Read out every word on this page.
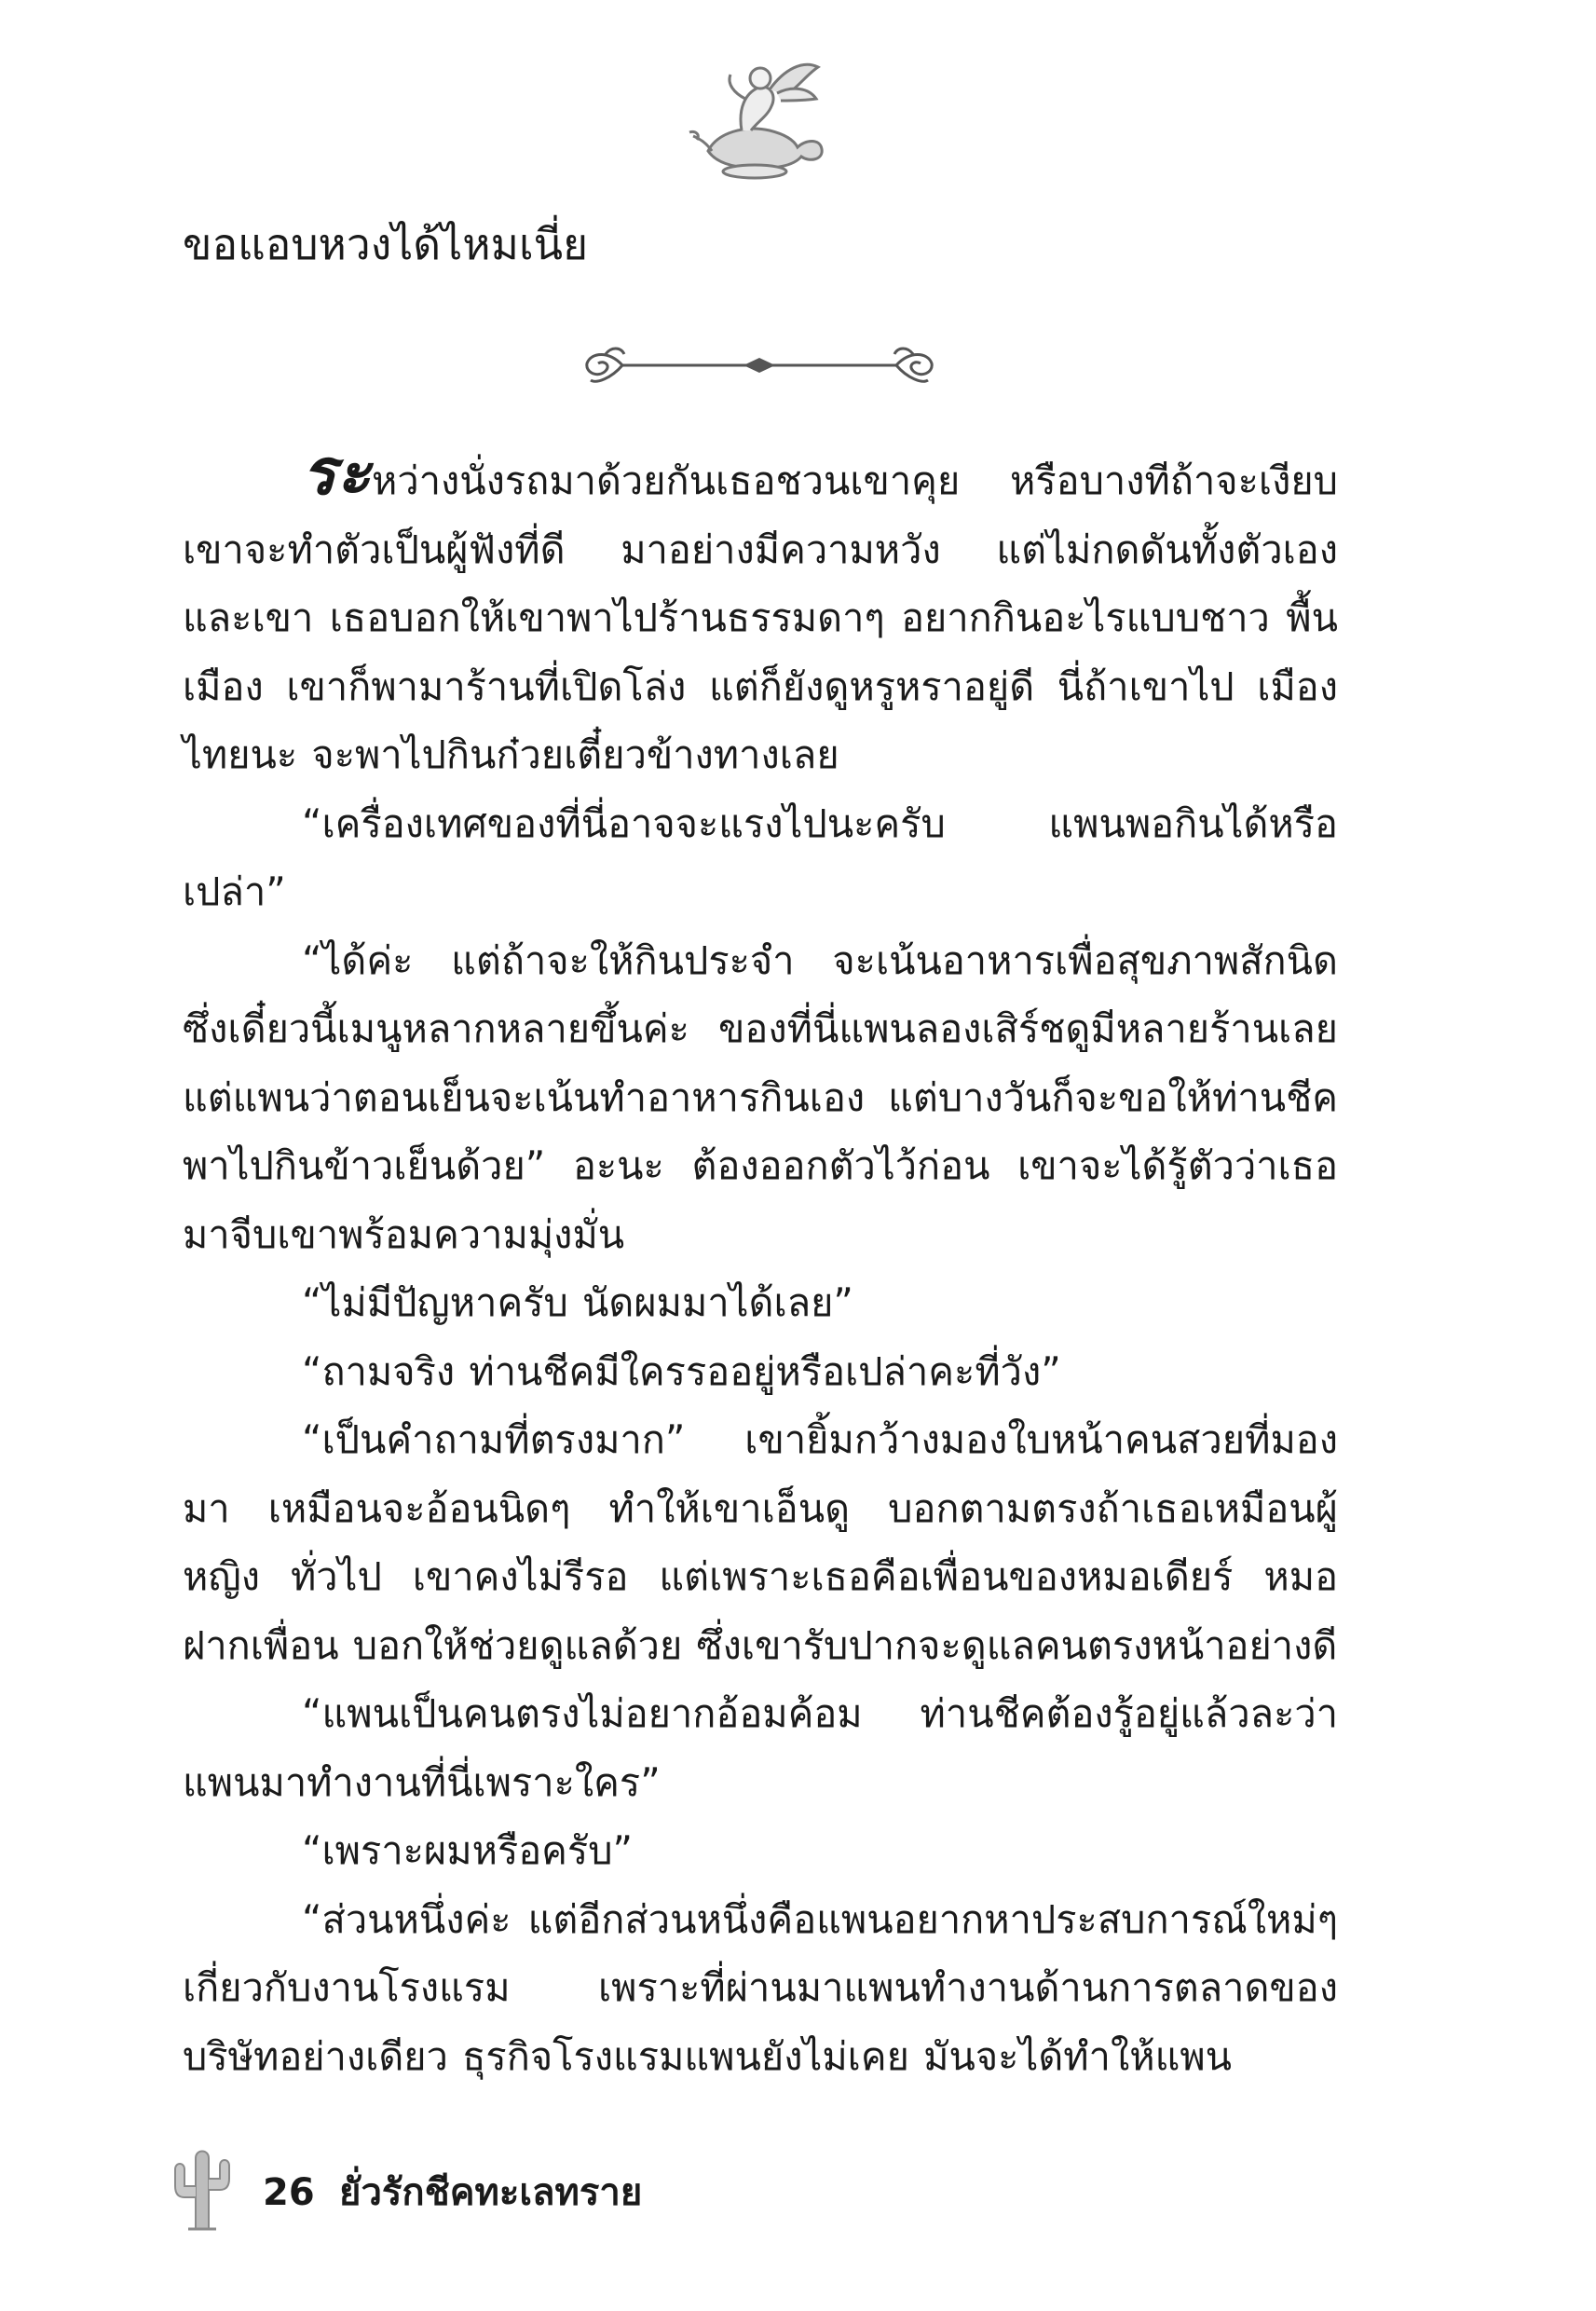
ขอแอบหวงได้ไหมเนี่ย

ระหว่างนั่งรถมาด้วยกันเธอชวนเขาคุย หรือบางทีถ้าจะเงียบ เขาจะทำตัวเป็นผู้ฟังที่ดี มาอย่างมีความหวัง แต่ไม่กดดันทั้งตัวเอง และเขา เธอบอกให้เขาพาไปร้านธรรมดาๆ อยากกินอะไรแบบชาว พื้นเมือง เขาก็พามาร้านที่เปิดโล่ง แต่ก็ยังดูหรูหราอยู่ดี นี่ถ้าเขาไป เมืองไทยนะ จะพาไปกินก๋วยเตี๋ยวข้างทางเลย

“เครื่องเทศของที่นี่อาจจะแรงไปนะครับ แพนพอกินได้หรือเปล่า”

“ได้ค่ะ แต่ถ้าจะให้กินประจำ จะเน้นอาหารเพื่อสุขภาพสักนิด ซึ่งเดี๋ยวนี้เมนูหลากหลายขึ้นค่ะ ของที่นี่แพนลองเสิร์ชดูมีหลายร้านเลย แต่แพนว่าตอนเย็นจะเน้นทำอาหารกินเอง แต่บางวันก็จะขอให้ท่านชีค พาไปกินข้าวเย็นด้วย” อะนะ ต้องออกตัวไว้ก่อน เขาจะได้รู้ตัวว่าเธอ มาจีบเขาพร้อมความมุ่งมั่น

“ไม่มีปัญหาครับ นัดผมมาได้เลย”

“ถามจริง ท่านชีคมีใครรออยู่หรือเปล่าคะที่วัง”

“เป็นคำถามที่ตรงมาก” เขายิ้มกว้างมองใบหน้าคนสวยที่มองมา เหมือนจะอ้อนนิดๆ ทำให้เขาเอ็นดู บอกตามตรงถ้าเธอเหมือนผู้หญิง ทั่วไป เขาคงไม่รีรอ แต่เพราะเธอคือเพื่อนของหมอเดียร์ หมอฝากเพื่อน บอกให้ช่วยดูแลด้วย ซึ่งเขารับปากจะดูแลคนตรงหน้าอย่างดี

“แพนเป็นคนตรงไม่อยากอ้อมค้อม ท่านชีคต้องรู้อยู่แล้วละว่า แพนมาทำงานที่นี่เพราะใคร”

“เพราะผมหรือครับ”

“ส่วนหนึ่งค่ะ แต่อีกส่วนหนึ่งคือแพนอยากหาประสบการณ์ใหม่ๆ เกี่ยวกับงานโรงแรม เพราะที่ผ่านมาแพนทำงานด้านการตลาดของ บริษัทอย่างเดียว ธุรกิจโรงแรมแพนยังไม่เคย มันจะได้ทำให้แพน

26 ยั่วรักชีคทะเลทราย
